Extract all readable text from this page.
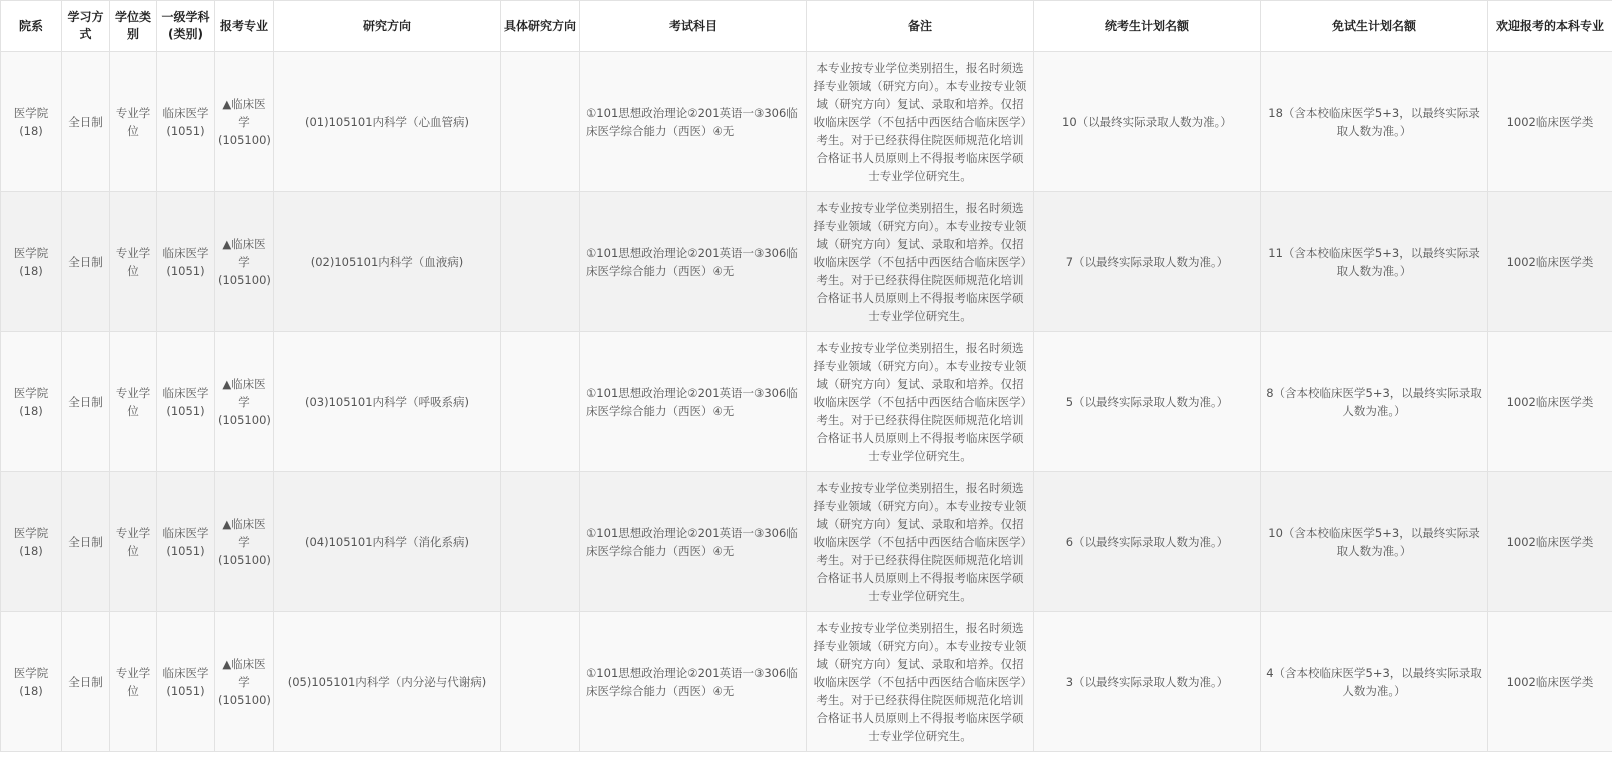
院系	学习方式	学位类别	一级学科(类别)	报考专业	研究方向	具体研究方向	考试科目	备注	统考生计划名额	免试生计划名额	欢迎报考的本科专业
医学院(18)	全日制	专业学位	临床医学(1051)	▲临床医学(105100)	(01)105101内科学（心血管病)		①101思想政治理论②201英语一③306临床医学综合能力（西医）④无	本专业按专业学位类别招生，报名时须选择专业领域（研究方向）。本专业按专业领域（研究方向）复试、录取和培养。仅招收临床医学（不包括中西医结合临床医学）考生。对于已经获得住院医师规范化培训合格证书人员原则上不得报考临床医学硕士专业学位研究生。	10（以最终实际录取人数为准。）	18（含本校临床医学5+3，以最终实际录取人数为准。）	1002临床医学类
医学院(18)	全日制	专业学位	临床医学(1051)	▲临床医学(105100)	(02)105101内科学（血液病)		①101思想政治理论②201英语一③306临床医学综合能力（西医）④无	本专业按专业学位类别招生，报名时须选择专业领域（研究方向）。本专业按专业领域（研究方向）复试、录取和培养。仅招收临床医学（不包括中西医结合临床医学）考生。对于已经获得住院医师规范化培训合格证书人员原则上不得报考临床医学硕士专业学位研究生。	7（以最终实际录取人数为准。）	11（含本校临床医学5+3，以最终实际录取人数为准。）	1002临床医学类
医学院(18)	全日制	专业学位	临床医学(1051)	▲临床医学(105100)	(03)105101内科学（呼吸系病)		①101思想政治理论②201英语一③306临床医学综合能力（西医）④无	本专业按专业学位类别招生，报名时须选择专业领域（研究方向）。本专业按专业领域（研究方向）复试、录取和培养。仅招收临床医学（不包括中西医结合临床医学）考生。对于已经获得住院医师规范化培训合格证书人员原则上不得报考临床医学硕士专业学位研究生。	5（以最终实际录取人数为准。）	8（含本校临床医学5+3，以最终实际录取人数为准。）	1002临床医学类
医学院(18)	全日制	专业学位	临床医学(1051)	▲临床医学(105100)	(04)105101内科学（消化系病)		①101思想政治理论②201英语一③306临床医学综合能力（西医）④无	本专业按专业学位类别招生，报名时须选择专业领域（研究方向）。本专业按专业领域（研究方向）复试、录取和培养。仅招收临床医学（不包括中西医结合临床医学）考生。对于已经获得住院医师规范化培训合格证书人员原则上不得报考临床医学硕士专业学位研究生。	6（以最终实际录取人数为准。）	10（含本校临床医学5+3，以最终实际录取人数为准。）	1002临床医学类
医学院(18)	全日制	专业学位	临床医学(1051)	▲临床医学(105100)	(05)105101内科学（内分泌与代谢病)		①101思想政治理论②201英语一③306临床医学综合能力（西医）④无	本专业按专业学位类别招生，报名时须选择专业领域（研究方向）。本专业按专业领域（研究方向）复试、录取和培养。仅招收临床医学（不包括中西医结合临床医学）考生。对于已经获得住院医师规范化培训合格证书人员原则上不得报考临床医学硕士专业学位研究生。	3（以最终实际录取人数为准。）	4（含本校临床医学5+3，以最终实际录取人数为准。）	1002临床医学类
